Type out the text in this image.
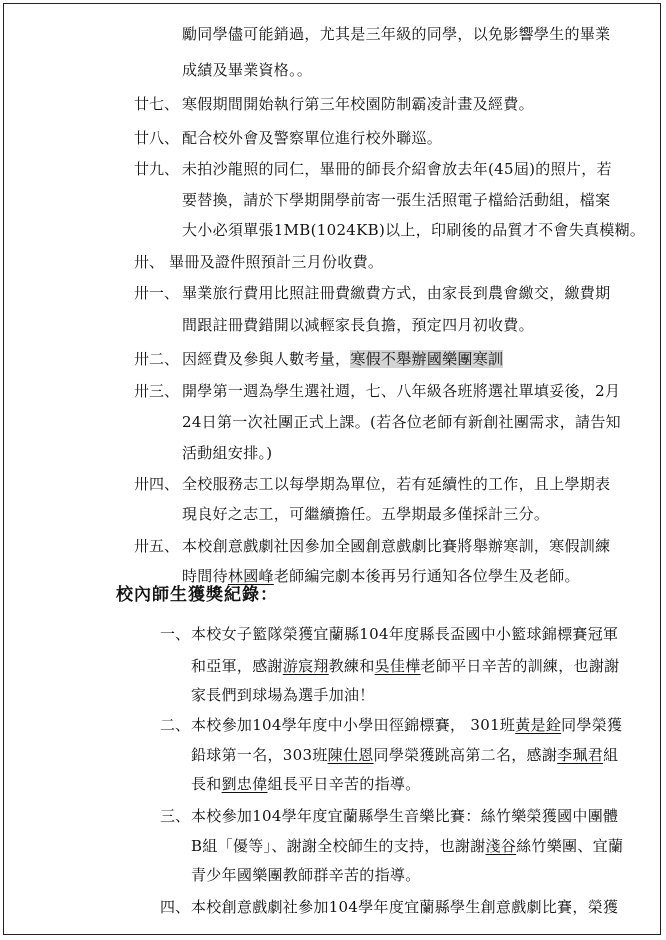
勵同學儘可能銷過，尤其是三年級的同學，以免影響學生的畢業
成績及畢業資格。。
廿七、 寒假期間開始執行第三年校園防制霸凌計畫及經費。
廿八、 配合校外會及警察單位進行校外聯巡。
廿九、 未拍沙龍照的同仁，畢冊的師長介紹會放去年(45屆)的照片，若
要替換，請於下學期開學前寄一張生活照電子檔給活動組，檔案
大小必須單張1MB(1024KB)以上，印刷後的品質才不會失真模糊。
卅、 畢冊及證件照預計三月份收費。
卅一、 畢業旅行費用比照註冊費繳費方式，由家長到農會繳交，繳費期
間跟註冊費錯開以減輕家長負擔，預定四月初收費。
卅二、 因經費及參與人數考量，寒假不舉辦國樂團寒訓
卅三、 開學第一週為學生選社週，七、八年級各班將選社單填妥後，2月
24日第一次社團正式上課。(若各位老師有新創社團需求，請告知
活動組安排。)
卅四、 全校服務志工以每學期為單位，若有延續性的工作，且上學期表
現良好之志工，可繼續擔任。五學期最多僅採計三分。
卅五、 本校創意戲劇社因參加全國創意戲劇比賽將舉辦寒訓，寒假訓練
時間待林國峰老師編完劇本後再另行通知各位學生及老師。
校內師生獲獎紀錄：
一、 本校女子籃隊榮獲宜蘭縣104年度縣長盃國中小籃球錦標賽冠軍
和亞軍，感謝游宸翔教練和吳佳樺老師平日辛苦的訓練，也謝謝
家長們到球場為選手加油！
二、 本校參加104學年度中小學田徑錦標賽， 301班黃是銓同學榮獲
鉛球第一名，303班陳仕恩同學榮獲跳高第二名，感謝李珮君組
長和劉忠偉組長平日辛苦的指導。
三、 本校參加104學年度宜蘭縣學生音樂比賽：絲竹樂榮獲國中團體
B組「優等」、謝謝全校師生的支持，也謝謝淺谷絲竹樂團、宜蘭
青少年國樂團教師群辛苦的指導。
四、 本校創意戲劇社參加104學年度宜蘭縣學生創意戲劇比賽，榮獲
